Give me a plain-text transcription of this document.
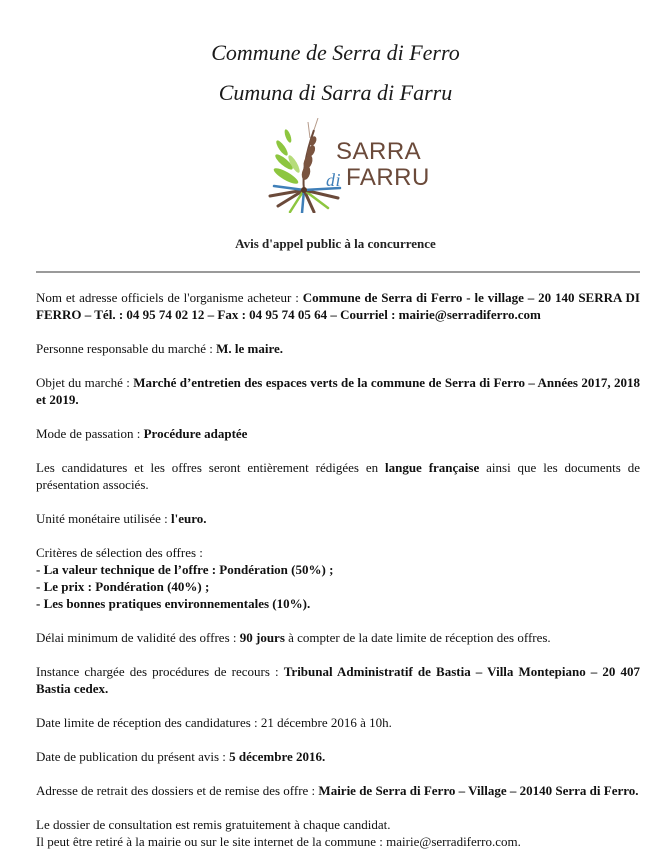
Commune de Serra di Ferro
Cumuna di Sarra di Farru
SARRA
di FARRU
Avis d'appel public à la concurrence

Nom et adresse officiels de l'organisme acheteur : Commune de Serra di Ferro - le village – 20 140 SERRA DI FERRO – Tél. : 04 95 74 02 12 – Fax : 04 95 74 05 64 – Courriel : mairie@serradiferro.com

Personne responsable du marché : M. le maire.

Objet du marché : Marché d’entretien des espaces verts de la commune de Serra di Ferro – Années 2017, 2018 et 2019.

Mode de passation : Procédure adaptée

Les candidatures et les offres seront entièrement rédigées en langue française ainsi que les documents de présentation associés.

Unité monétaire utilisée : l'euro.

Critères de sélection des offres :
- La valeur technique de l’offre : Pondération (50%) ;
- Le prix : Pondération (40%) ;
- Les bonnes pratiques environnementales (10%).

Délai minimum de validité des offres : 90 jours à compter de la date limite de réception des offres.

Instance chargée des procédures de recours : Tribunal Administratif de Bastia – Villa Montepiano – 20 407 Bastia cedex.

Date limite de réception des candidatures : 21 décembre 2016 à 10h.

Date de publication du présent avis : 5 décembre 2016.

Adresse de retrait des dossiers et de remise des offre : Mairie de Serra di Ferro – Village – 20140 Serra di Ferro.

Le dossier de consultation est remis gratuitement à chaque candidat.
Il peut être retiré à la mairie ou sur le site internet de la commune : mairie@serradiferro.com.
